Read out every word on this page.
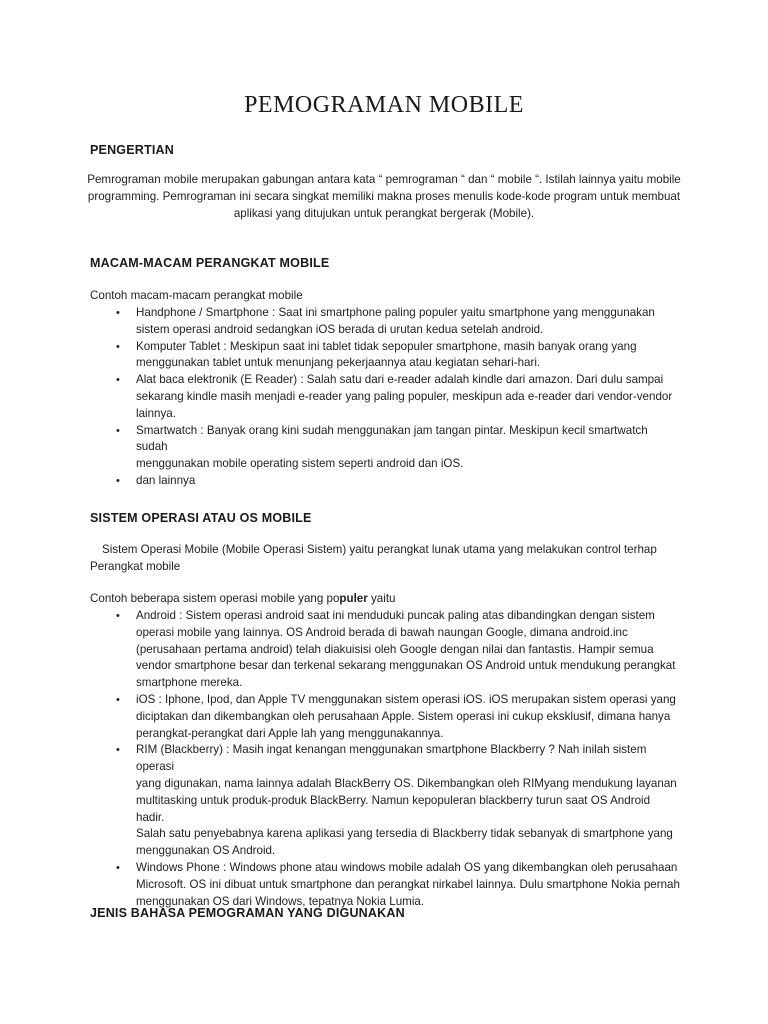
PEMOGRAMAN MOBILE
PENGERTIAN
Pemrograman mobile merupakan gabungan antara kata “ pemrograman “ dan “ mobile “. Istilah lainnya yaitu mobile
programming. Pemrograman ini secara singkat memiliki makna proses menulis kode-kode program untuk membuat
aplikasi yang ditujukan untuk perangkat bergerak (Mobile).
MACAM-MACAM PERANGKAT MOBILE
Contoh macam-macam perangkat mobile
• Handphone / Smartphone : Saat ini smartphone paling populer yaitu smartphone yang menggunakan
sistem operasi android sedangkan iOS berada di urutan kedua setelah android.
• Komputer Tablet : Meskipun saat ini tablet tidak sepopuler smartphone, masih banyak orang yang
menggunakan tablet untuk menunjang pekerjaannya atau kegiatan sehari-hari.
• Alat baca elektronik (E Reader) : Salah satu dari e-reader adalah kindle dari amazon. Dari dulu sampai
sekarang kindle masih menjadi e-reader yang paling populer, meskipun ada e-reader dari vendor-vendor
lainnya.
• Smartwatch : Banyak orang kini sudah menggunakan jam tangan pintar. Meskipun kecil smartwatch sudah
menggunakan mobile operating sistem seperti android dan iOS.
• dan lainnya
SISTEM OPERASI ATAU OS MOBILE
Sistem Operasi Mobile (Mobile Operasi Sistem) yaitu perangkat lunak utama yang melakukan control terhap
Perangkat mobile
Contoh beberapa sistem operasi mobile yang populer yaitu
• Android : Sistem operasi android saat ini menduduki puncak paling atas dibandingkan dengan sistem
operasi mobile yang lainnya. OS Android berada di bawah naungan Google, dimana android.inc
(perusahaan pertama android) telah diakuisisi oleh Google dengan nilai dan fantastis. Hampir semua
vendor smartphone besar dan terkenal sekarang menggunakan OS Android untuk mendukung perangkat
smartphone mereka.
• iOS : Iphone, Ipod, dan Apple TV menggunakan sistem operasi iOS. iOS merupakan sistem operasi yang
diciptakan dan dikembangkan oleh perusahaan Apple. Sistem operasi ini cukup eksklusif, dimana hanya
perangkat-perangkat dari Apple lah yang menggunakannya.
• RIM (Blackberry) : Masih ingat kenangan menggunakan smartphone Blackberry ? Nah inilah sistem operasi
yang digunakan, nama lainnya adalah BlackBerry OS. Dikembangkan oleh RIMyang mendukung layanan
multitasking untuk produk-produk BlackBerry. Namun kepopuleran blackberry turun saat OS Android hadir.
Salah satu penyebabnya karena aplikasi yang tersedia di Blackberry tidak sebanyak di smartphone yang
menggunakan OS Android.
• Windows Phone : Windows phone atau windows mobile adalah OS yang dikembangkan oleh perusahaan
Microsoft. OS ini dibuat untuk smartphone dan perangkat nirkabel lainnya. Dulu smartphone Nokia pernah
menggunakan OS dari Windows, tepatnya Nokia Lumia.
JENIS BAHASA PEMOGRAMAN YANG DIGUNAKAN
